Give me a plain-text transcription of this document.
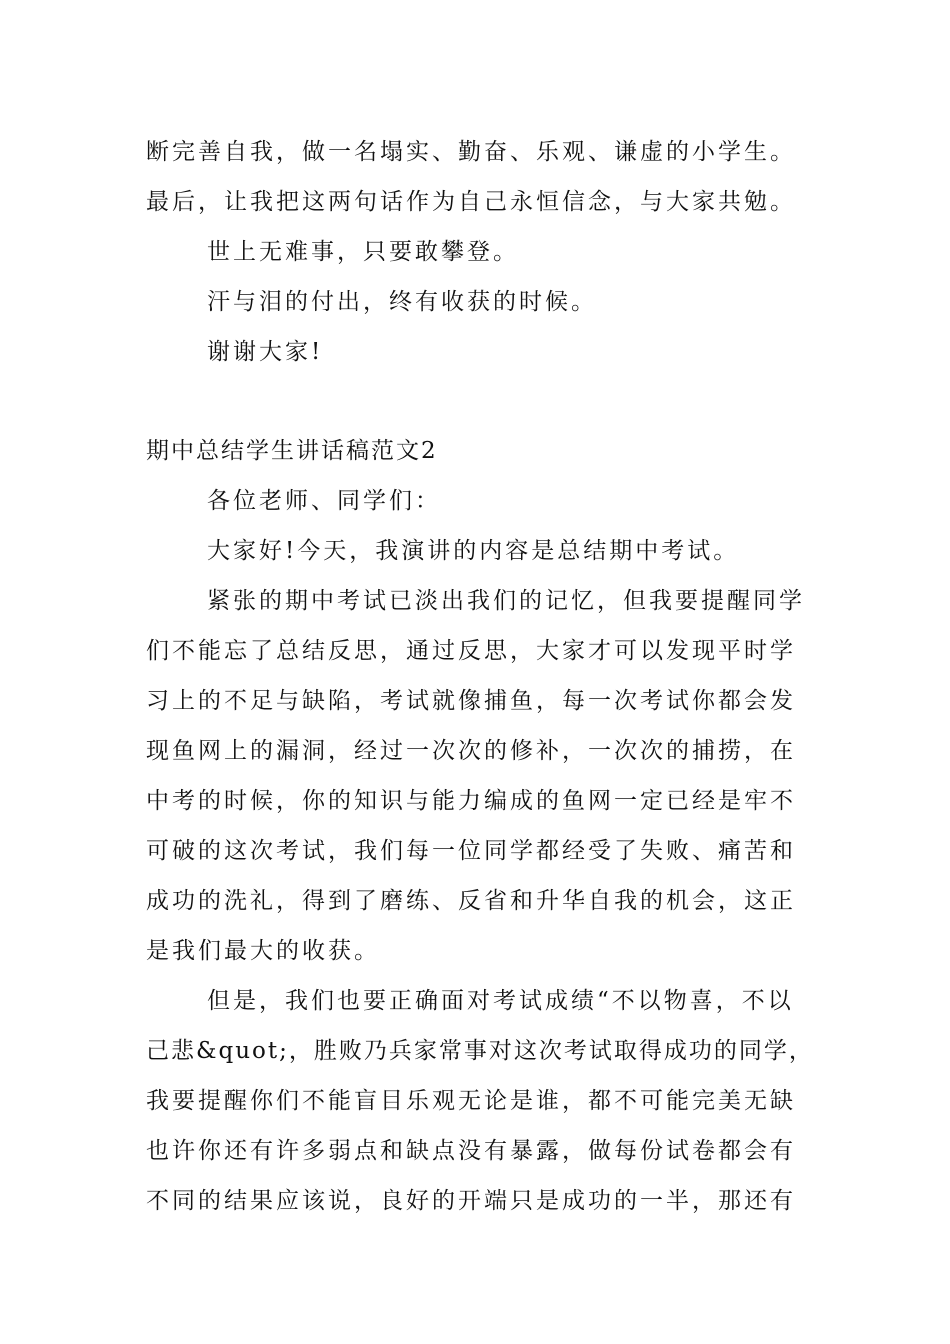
断完善自我，做一名塌实、勤奋、乐观、谦虚的小学生。
最后，让我把这两句话作为自己永恒信念，与大家共勉。
世上无难事，只要敢攀登。
汗与泪的付出，终有收获的时候。
谢谢大家!
期中总结学生讲话稿范文2
各位老师、同学们：
大家好!今天，我演讲的内容是总结期中考试。
紧张的期中考试已淡出我们的记忆，但我要提醒同学
们不能忘了总结反思，通过反思，大家才可以发现平时学
习上的不足与缺陷，考试就像捕鱼，每一次考试你都会发
现鱼网上的漏洞，经过一次次的修补，一次次的捕捞，在
中考的时候，你的知识与能力编成的鱼网一定已经是牢不
可破的这次考试，我们每一位同学都经受了失败、痛苦和
成功的洗礼，得到了磨练、反省和升华自我的机会，这正
是我们最大的收获。
但是，我们也要正确面对考试成绩“不以物喜，不以
己悲&quot;，胜败乃兵家常事对这次考试取得成功的同学，
我要提醒你们不能盲目乐观无论是谁，都不可能完美无缺
也许你还有许多弱点和缺点没有暴露，做每份试卷都会有
不同的结果应该说，良好的开端只是成功的一半，那还有
